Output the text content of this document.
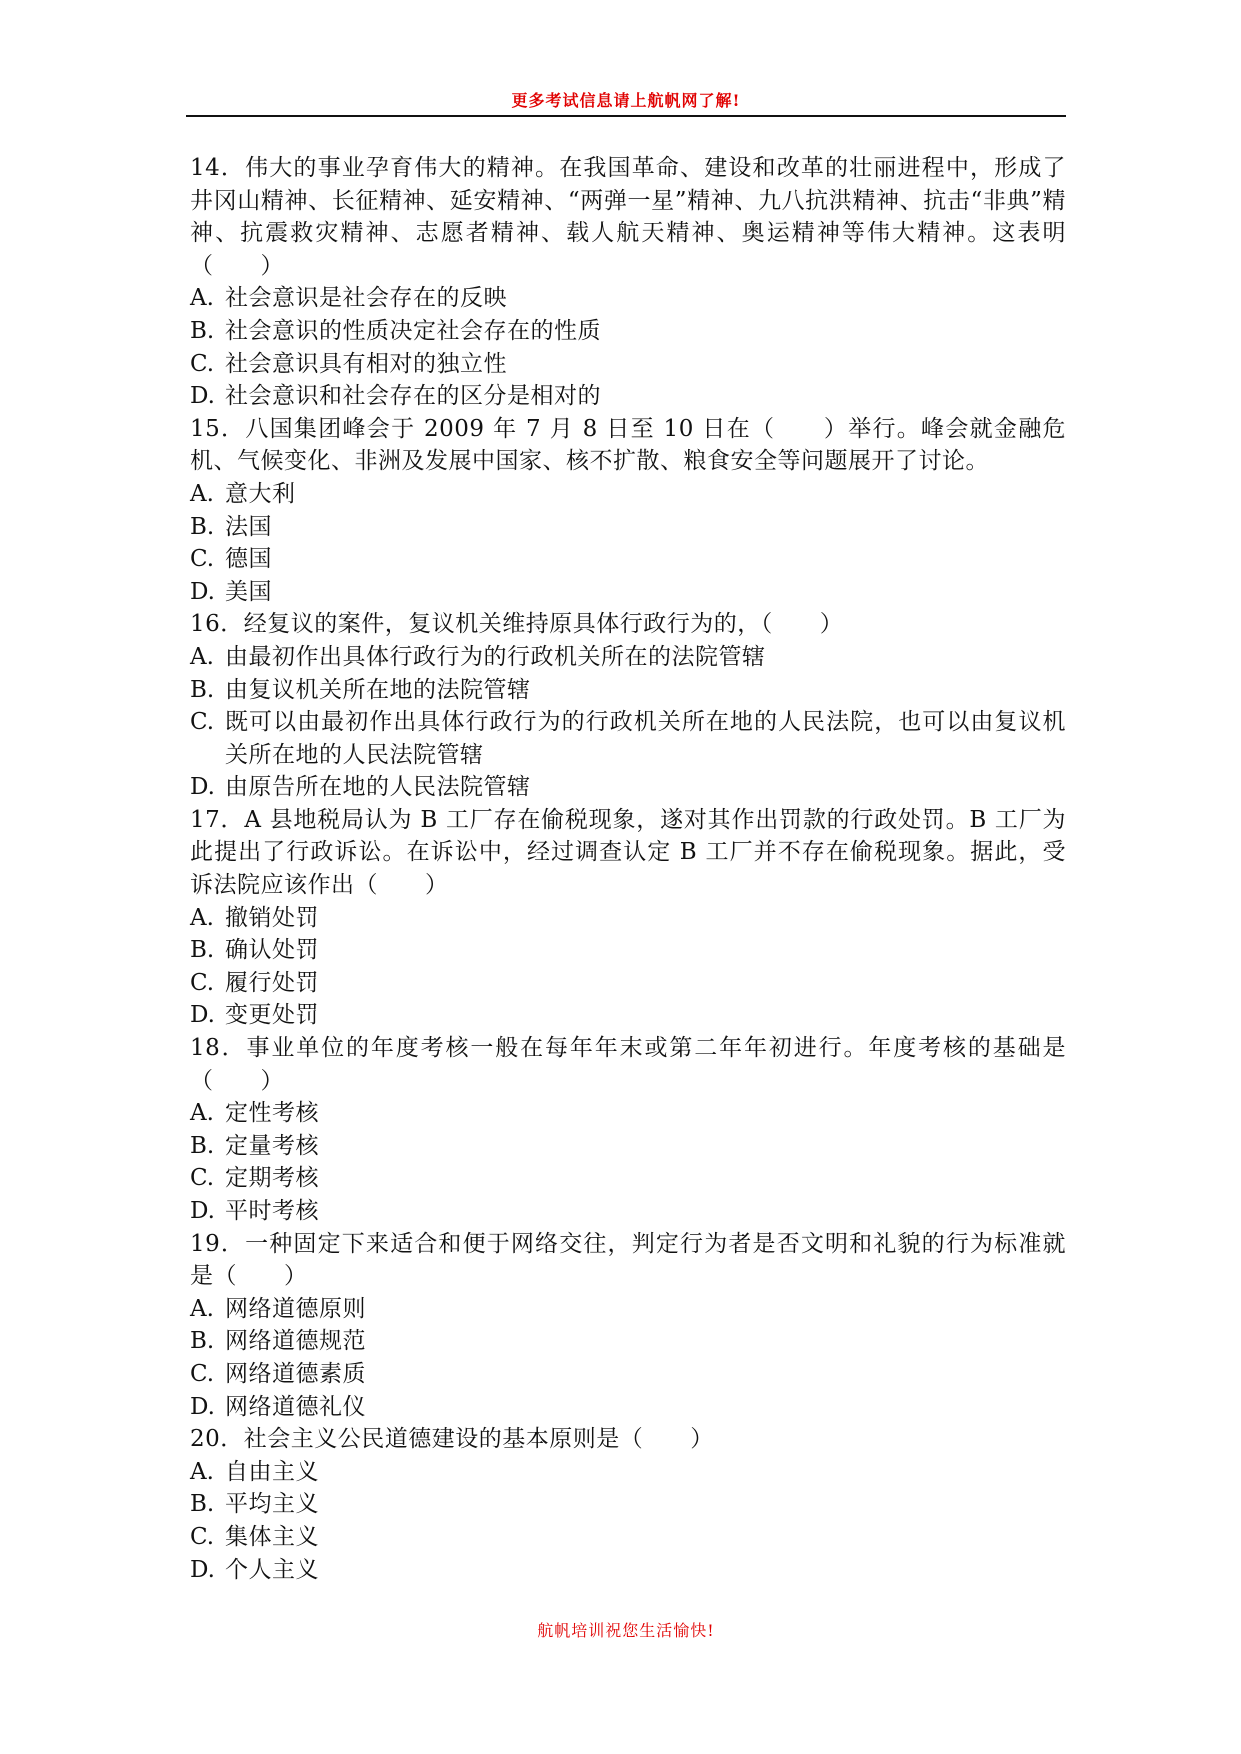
更多考试信息请上航帆网了解!

14．伟大的事业孕育伟大的精神。在我国革命、建设和改革的壮丽进程中，形成了井冈山精神、长征精神、延安精神、“两弹一星”精神、九八抗洪精神、抗击“非典”精神、抗震救灾精神、志愿者精神、载人航天精神、奥运精神等伟大精神。这表明（　　）

A. 社会意识是社会存在的反映
B. 社会意识的性质决定社会存在的性质
C. 社会意识具有相对的独立性
D. 社会意识和社会存在的区分是相对的

15．八国集团峰会于 2009 年 7 月 8 日至 10 日在（　　）举行。峰会就金融危机、气候变化、非洲及发展中国家、核不扩散、粮食安全等问题展开了讨论。

A. 意大利
B. 法国
C. 德国
D. 美国

16．经复议的案件，复议机关维持原具体行政行为的，（　　）

A. 由最初作出具体行政行为的行政机关所在的法院管辖
B. 由复议机关所在地的法院管辖
C. 既可以由最初作出具体行政行为的行政机关所在地的人民法院，也可以由复议机关所在地的人民法院管辖
D. 由原告所在地的人民法院管辖

17．A 县地税局认为 B 工厂存在偷税现象，遂对其作出罚款的行政处罚。B 工厂为此提出了行政诉讼。在诉讼中，经过调查认定 B 工厂并不存在偷税现象。据此，受诉法院应该作出（　　）

A. 撤销处罚
B. 确认处罚
C. 履行处罚
D. 变更处罚

18．事业单位的年度考核一般在每年年末或第二年年初进行。年度考核的基础是（　　）

A. 定性考核
B. 定量考核
C. 定期考核
D. 平时考核

19．一种固定下来适合和便于网络交往，判定行为者是否文明和礼貌的行为标准就是（　　）

A. 网络道德原则
B. 网络道德规范
C. 网络道德素质
D. 网络道德礼仪

20．社会主义公民道德建设的基本原则是（　　）

A. 自由主义
B. 平均主义
C. 集体主义
D. 个人主义
航帆培训祝您生活愉快!
